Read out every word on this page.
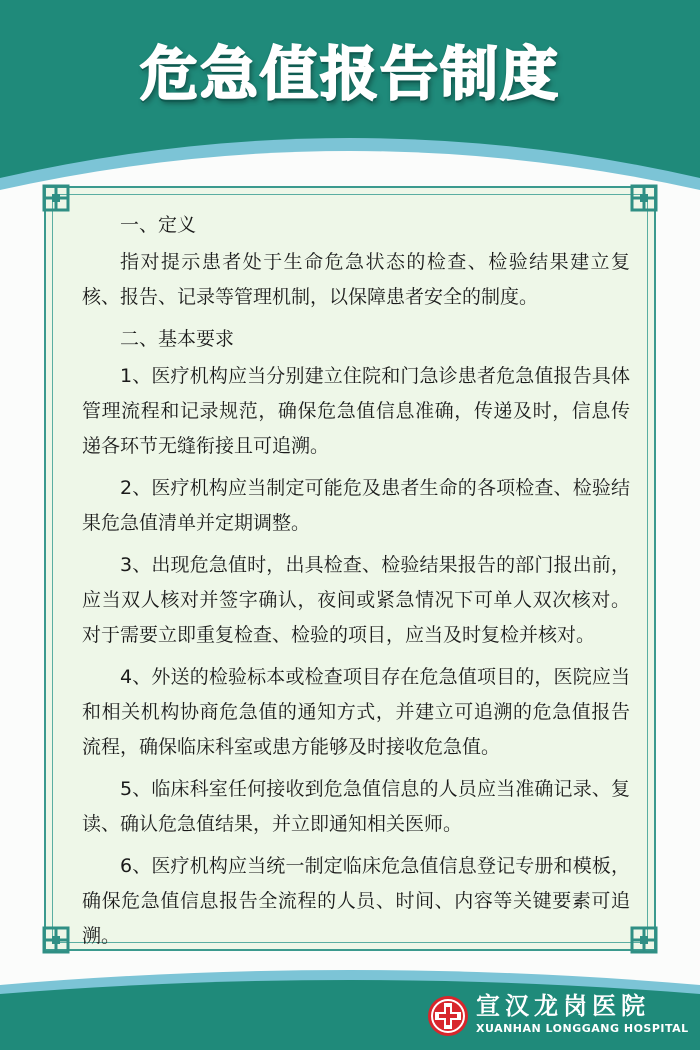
危急值报告制度

一、定义

指对提示患者处于生命危急状态的检查、检验结果建立复核、报告、记录等管理机制，以保障患者安全的制度。

二、基本要求

1、医疗机构应当分别建立住院和门急诊患者危急值报告具体管理流程和记录规范，确保危急值信息准确，传递及时，信息传递各环节无缝衔接且可追溯。

2、医疗机构应当制定可能危及患者生命的各项检查、检验结果危急值清单并定期调整。

3、出现危急值时，出具检查、检验结果报告的部门报出前，应当双人核对并签字确认，夜间或紧急情况下可单人双次核对。对于需要立即重复检查、检验的项目，应当及时复检并核对。

4、外送的检验标本或检查项目存在危急值项目的，医院应当和相关机构协商危急值的通知方式，并建立可追溯的危急值报告流程，确保临床科室或患方能够及时接收危急值。

5、临床科室任何接收到危急值信息的人员应当准确记录、复读、确认危急值结果，并立即通知相关医师。

6、医疗机构应当统一制定临床危急值信息登记专册和模板，确保危急值信息报告全流程的人员、时间、内容等关键要素可追溯。

宣汉龙岗医院
XUANHAN LONGGANG HOSPITAL
